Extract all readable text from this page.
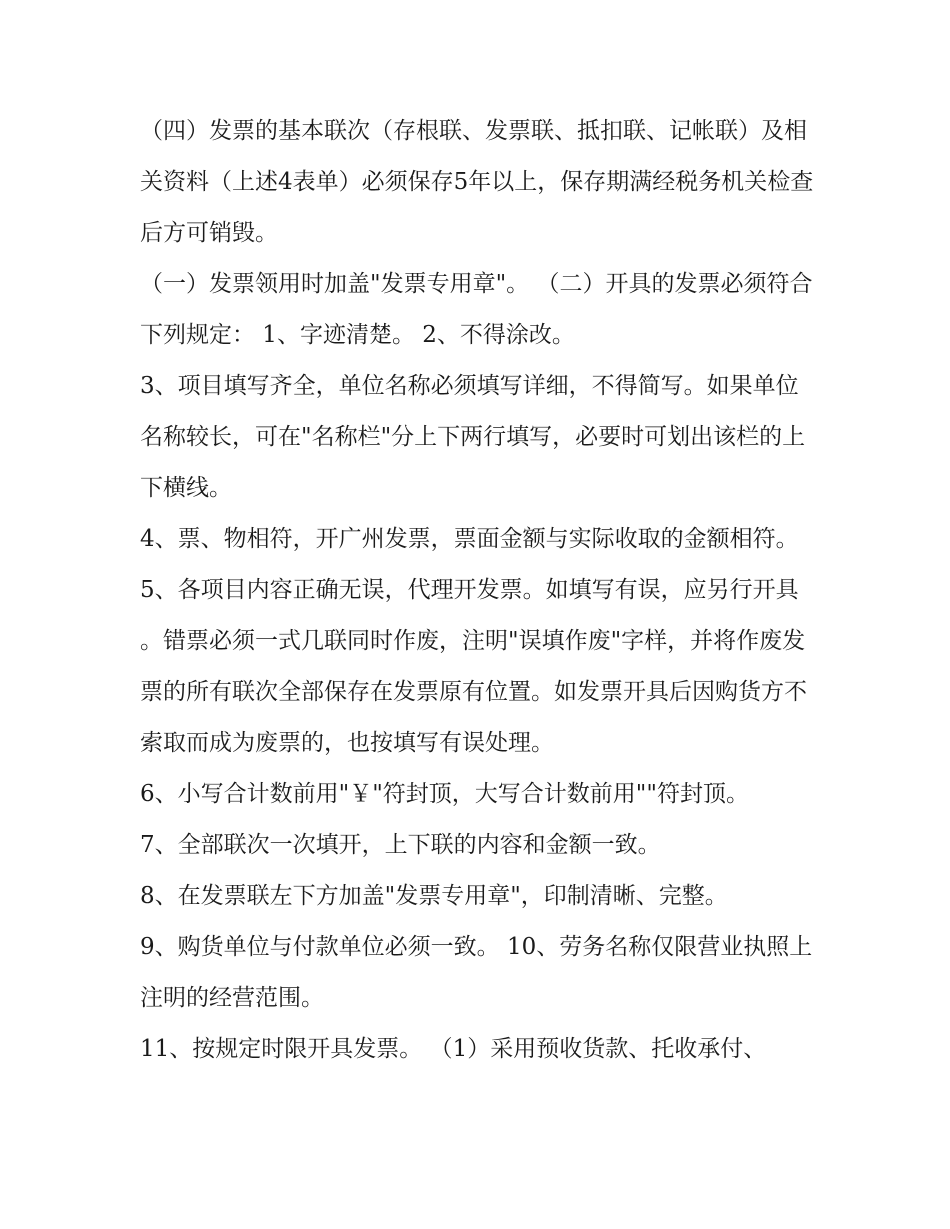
（四）发票的基本联次（存根联、发票联、抵扣联、记帐联）及相关资料（上述4表单）必须保存5年以上，保存期满经税务机关检查后方可销毁。

（一）发票领用时加盖"发票专用章"。 （二）开具的发票必须符合下列规定： 1、字迹清楚。 2、不得涂改。

3、项目填写齐全，单位名称必须填写详细，不得简写。如果单位名称较长，可在"名称栏"分上下两行填写，必要时可划出该栏的上下横线。

4、票、物相符，开广州发票，票面金额与实际收取的金额相符。

5、各项目内容正确无误，代理开发票。如填写有误，应另行开具。错票必须一式几联同时作废，注明"误填作废"字样，并将作废发票的所有联次全部保存在发票原有位置。如发票开具后因购货方不索取而成为废票的，也按填写有误处理。

6、小写合计数前用"￥"符封顶，大写合计数前用""符封顶。

7、全部联次一次填开，上下联的内容和金额一致。

8、在发票联左下方加盖"发票专用章"，印制清晰、完整。

9、购货单位与付款单位必须一致。 10、劳务名称仅限营业执照上注明的经营范围。

11、按规定时限开具发票。 （1）采用预收货款、托收承付、
